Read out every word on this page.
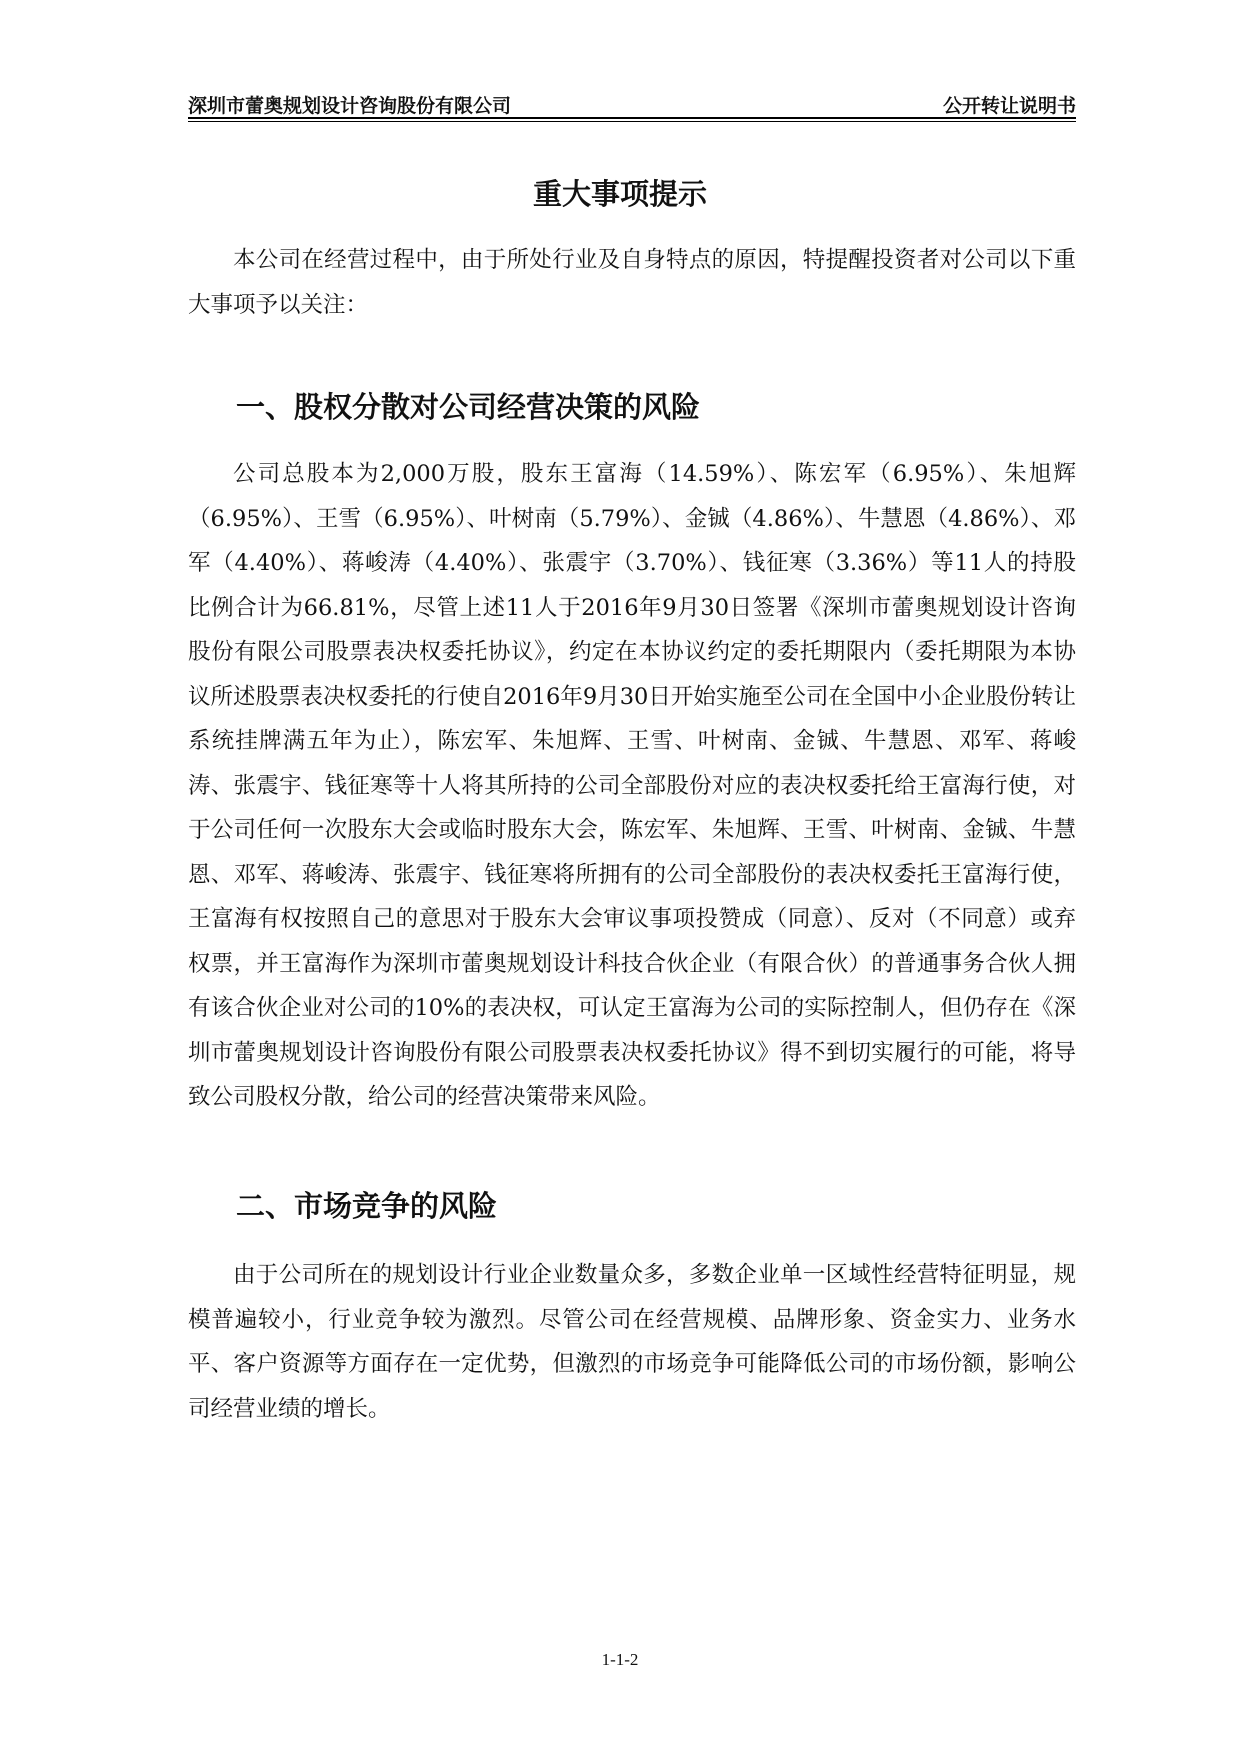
深圳市蕾奥规划设计咨询股份有限公司	公开转让说明书
重大事项提示

本公司在经营过程中，由于所处行业及自身特点的原因，特提醒投资者对公司以下重大事项予以关注：

一、股权分散对公司经营决策的风险

公司总股本为2,000万股，股东王富海（14.59%）、陈宏军（6.95%）、朱旭辉（6.95%）、王雪（6.95%）、叶树南（5.79%）、金铖（4.86%）、牛慧恩（4.86%）、邓军（4.40%）、蒋峻涛（4.40%）、张震宇（3.70%）、钱征寒（3.36%）等11人的持股比例合计为66.81%，尽管上述11人于2016年9月30日签署《深圳市蕾奥规划设计咨询股份有限公司股票表决权委托协议》，约定在本协议约定的委托期限内（委托期限为本协议所述股票表决权委托的行使自2016年9月30日开始实施至公司在全国中小企业股份转让系统挂牌满五年为止），陈宏军、朱旭辉、王雪、叶树南、金铖、牛慧恩、邓军、蒋峻涛、张震宇、钱征寒等十人将其所持的公司全部股份对应的表决权委托给王富海行使，对于公司任何一次股东大会或临时股东大会，陈宏军、朱旭辉、王雪、叶树南、金铖、牛慧恩、邓军、蒋峻涛、张震宇、钱征寒将所拥有的公司全部股份的表决权委托王富海行使，王富海有权按照自己的意思对于股东大会审议事项投赞成（同意）、反对（不同意）或弃权票，并王富海作为深圳市蕾奥规划设计科技合伙企业（有限合伙）的普通事务合伙人拥有该合伙企业对公司的10%的表决权，可认定王富海为公司的实际控制人，但仍存在《深圳市蕾奥规划设计咨询股份有限公司股票表决权委托协议》得不到切实履行的可能，将导致公司股权分散，给公司的经营决策带来风险。

二、市场竞争的风险

由于公司所在的规划设计行业企业数量众多，多数企业单一区域性经营特征明显，规模普遍较小，行业竞争较为激烈。尽管公司在经营规模、品牌形象、资金实力、业务水平、客户资源等方面存在一定优势，但激烈的市场竞争可能降低公司的市场份额，影响公司经营业绩的增长。

1-1-2
